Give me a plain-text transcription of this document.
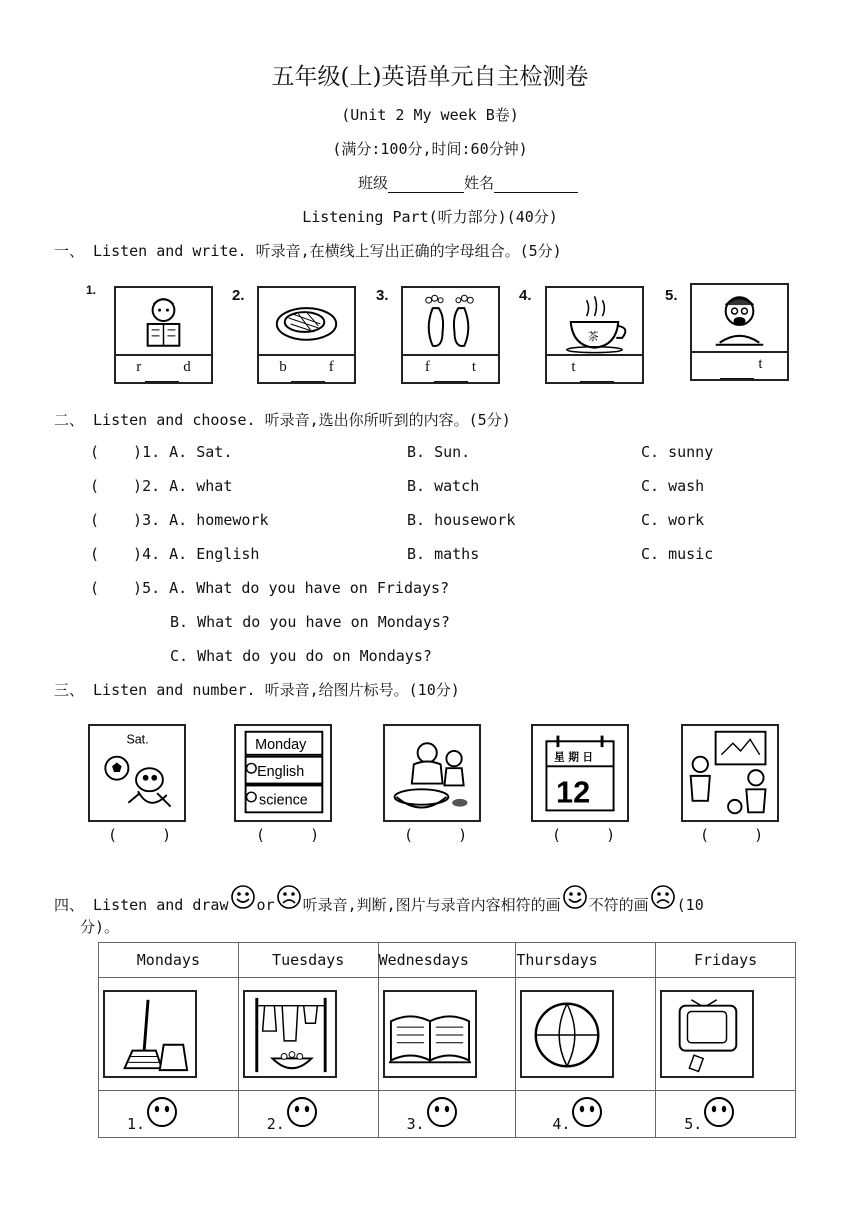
五年级(上)英语单元自主检测卷
(Unit 2 My week B卷)
(满分:100分,时间:60分钟)
班级	姓名
Listening Part(听力部分)(40分)
一、 Listen and write. 听录音,在横线上写出正确的字母组合。(5分)
1.
r	d
2.
b	f
3.
f	t
4.
茶
t
5.
t
二、 Listen and choose. 听录音,选出你所听到的内容。(5分)
( )1. A. Sat.	B. Sun.	C. sunny
( )2. A. what	B. watch	C. wash
( )3. A. homework	B. housework	C. work
( )4. A. English	B. maths	C. music
( )5. A. What do you have on Fridays?
B. What do you have on Mondays?
C. What do you do on Mondays?
三、 Listen and number. 听录音,给图片标号。(10分)
Sat.	Monday
English
science
星 期 日
12
(     )	(     )	(     )	(     )	(     )
四、 Listen and draw or 听录音,判断,图片与录音内容相符的画 不符的画 (10
分)。
Mondays	Tuesdays	Wednesdays	Thursdays	Fridays

1.	2.	3.	4.	5.
